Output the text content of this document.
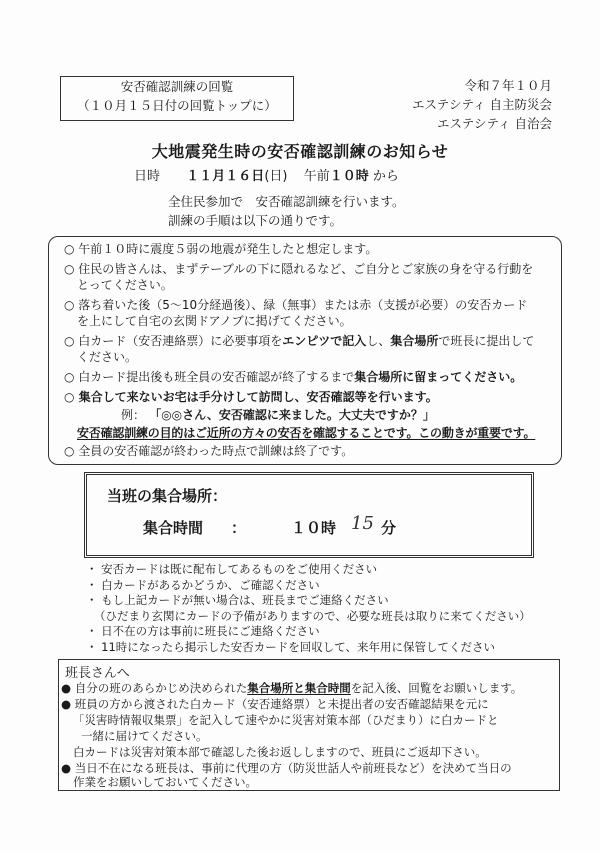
安否確認訓練の回覧
（１０月１５日付の回覧トップに）
令和７年１０月
エステシティ 自主防災会
エステシティ 自治会
大地震発生時の安否確認訓練のお知らせ
日時 １１月１６日(日) 午前１０時 から
全住民参加で　安否確認訓練を行います。
訓練の手順は以下の通りです。
○ 午前１０時に震度５弱の地震が発生したと想定します。
○ 住民の皆さんは、まずテーブルの下に隠れるなど、ご自分とご家族の身を守る行動を
とってください。
○ 落ち着いた後（5～10分経過後）、緑（無事）または赤（支援が必要）の安否カード
を上にして自宅の玄関ドアノブに掲げてください。
○ 白カード（安否連絡票）に必要事項をエンピツで記入し、集合場所で班長に提出して
ください。
○ 白カード提出後も班全員の安否確認が終了するまで集合場所に留まってください。
○ 集合して来ないお宅は手分けして訪問し、安否確認等を行います。
例： 「◎◎さん、安否確認に来ました。大丈夫ですか？」
安否確認訓練の目的はご近所の方々の安否を確認することです。この動きが重要です。
○ 全員の安否確認が終わった時点で訓練は終了です。
当班の集合場所：
集合時間 ：	１０時 15 分
・ 安否カードは既に配布してあるものをご使用ください
・ 白カードがあるかどうか、ご確認ください
・ もし上記カードが無い場合は、班長までご連絡ください
（ひだまり玄関にカードの予備がありますので、必要な班長は取りに来てください）
・ 日不在の方は事前に班長にご連絡ください
・ 11時になったら掲示した安否カードを回収して、来年用に保管してください
班長さんへ
● 自分の班のあらかじめ決められた集合場所と集合時間を記入後、回覧をお願いします。
● 班員の方から渡された白カード（安否連絡票）と未提出者の安否確認結果を元に
「災害時情報収集票」を記入して速やかに災害対策本部（ひだまり）に白カードと
一緒に届けてください。
白カードは災害対策本部で確認した後お返ししますので、班員にご返却下さい。
● 当日不在になる班長は、事前に代理の方（防災世話人や前班長など）を決めて当日の
作業をお願いしておいてください。
